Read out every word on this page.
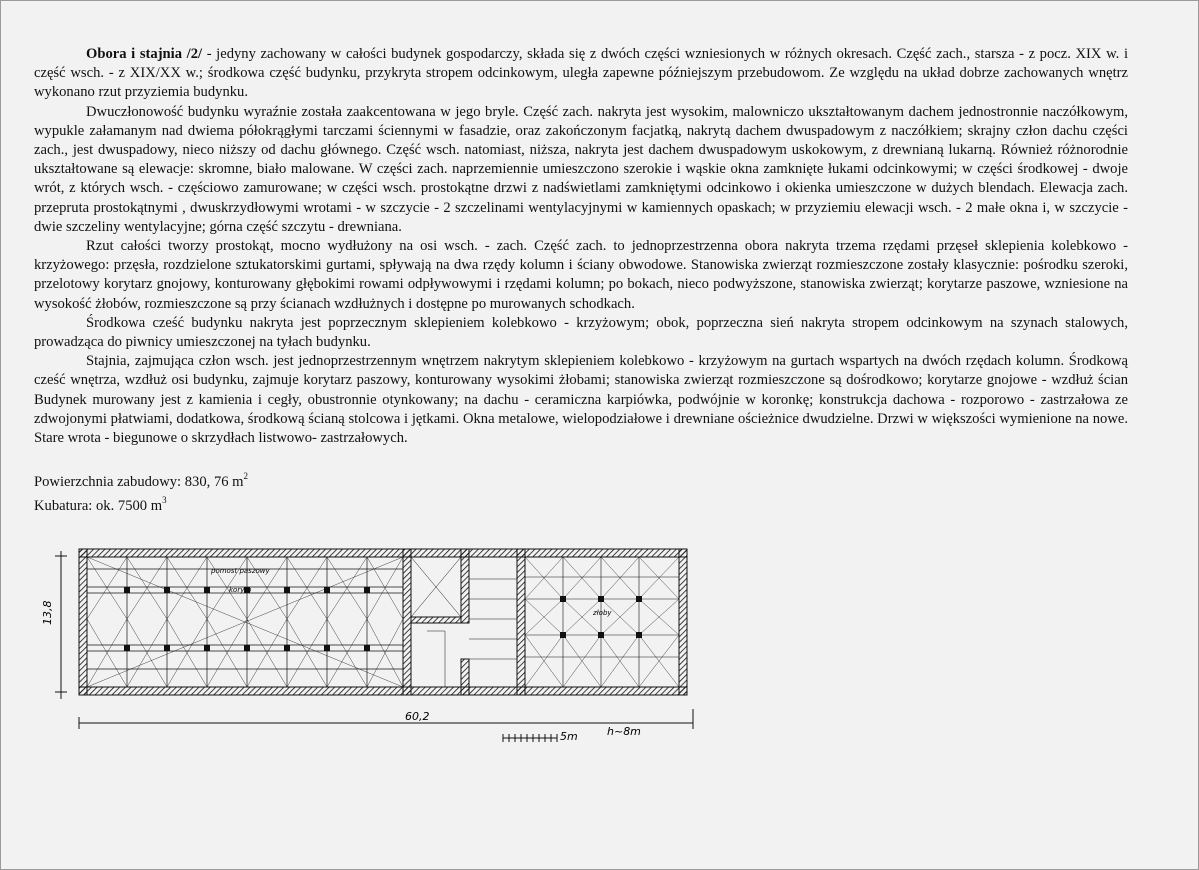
Obora i stajnia /2/ - jedyny zachowany w całości budynek gospodarczy, składa się z dwóch części wzniesionych w różnych okresach. Część zach., starsza - z pocz. XIX w. i część wsch. - z XIX/XX w.; środkowa część budynku, przykryta stropem odcinkowym, uległa zapewne późniejszym przebudowom. Ze względu na układ dobrze zachowanych wnętrz wykonano rzut przyziemia budynku.

Dwuczłonowość budynku wyraźnie została zaakcentowana w jego bryle. Część zach. nakryta jest wysokim, malowniczo ukształtowanym dachem jednostronnie naczółkowym, wypukle załamanym nad dwiema półokrągłymi tarczami ściennymi w fasadzie, oraz zakończonym facjatką, nakrytą dachem dwuspadowym z naczółkiem; skrajny człon dachu części zach., jest dwuspadowy, nieco niższy od dachu głównego. Część wsch. natomiast, niższa, nakryta jest dachem dwuspadowym uskokowym, z drewnianą lukarną. Również różnorodnie ukształtowane są elewacje: skromne, biało malowane. W części zach. naprzemiennie umieszczono szerokie i wąskie okna zamknięte łukami odcinkowymi; w części środkowej - dwoje wrót, z których wsch. - częściowo zamurowane; w części wsch. prostokątne drzwi z nadświetlami zamkniętymi odcinkowo i okienka umieszczone w dużych blendach. Elewacja zach. przepruta prostokątnymi , dwuskrzydłowymi wrotami - w szczycie - 2 szczelinami wentylacyjnymi w kamiennych opaskach; w przyziemiu elewacji wsch. - 2 małe okna i, w szczycie - dwie szczeliny wentylacyjne; górna część szczytu - drewniana.

Rzut całości tworzy prostokąt, mocno wydłużony na osi wsch. - zach. Część zach. to jednoprzestrzenna obora nakryta trzema rzędami przęseł sklepienia kolebkowo - krzyżowego: przęsła, rozdzielone sztukatorskimi gurtami, spływają na dwa rzędy kolumn i ściany obwodowe. Stanowiska zwierząt rozmieszczone zostały klasycznie: pośrodku szeroki, przelotowy korytarz gnojowy, konturowany głębokimi rowami odpływowymi i rzędami kolumn; po bokach, nieco podwyższone, stanowiska zwierząt; korytarze paszowe, wzniesione na wysokość żłobów, rozmieszczone są przy ścianach wzdłużnych i dostępne po murowanych schodkach.

Środkowa cześć budynku nakryta jest poprzecznym sklepieniem kolebkowo - krzyżowym; obok, poprzeczna sień nakryta stropem odcinkowym na szynach stalowych, prowadząca do piwnicy umieszczonej na tyłach budynku.

Stajnia, zajmująca człon wsch. jest jednoprzestrzennym wnętrzem nakrytym sklepieniem kolebkowo - krzyżowym na gurtach wspartych na dwóch rzędach kolumn. Środkową cześć wnętrza, wzdłuż osi budynku, zajmuje korytarz paszowy, konturowany wysokimi żłobami; stanowiska zwierząt rozmieszczone są dośrodkowo; korytarze gnojowe - wzdłuż ścian Budynek murowany jest z kamienia i cegły, obustronnie otynkowany; na dachu - ceramiczna karpiówka, podwójnie w koronkę; konstrukcja dachowa - rozporowo - zastrzałowa ze zdwojonymi płatwiami, dodatkowa, środkową ścianą stolcowa i jętkami. Okna metalowe, wielopodziałowe i drewniane ościeżnice dwudzielne. Drzwi w większości wymienione na nowe. Stare wrota - biegunowe o skrzydłach listwowo- zastrzałowych.

Powierzchnia zabudowy: 830, 76 $m^2$
Kubatura: ok. 7500 $m^3$
13,8
pomost paszowy
koryto
złoby
60,2
5m	h~8m
